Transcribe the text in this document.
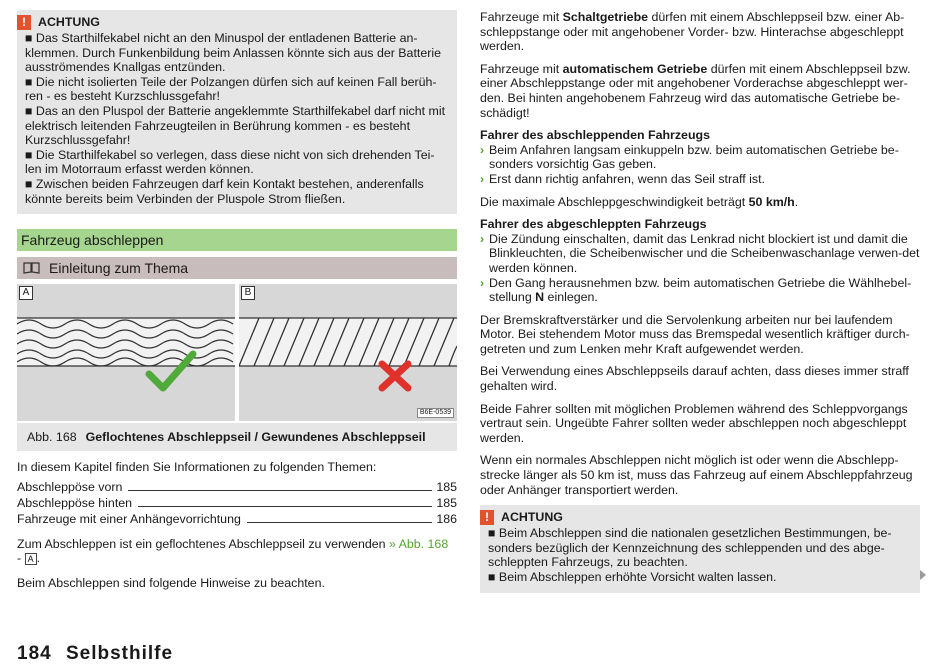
! ACHTUNG

■ Das Starthilfekabel nicht an den Minuspol der entladenen Batterie an-klemmen. Durch Funkenbildung beim Anlassen könnte sich aus der Batterie ausströmendes Knallgas entzünden.

■ Die nicht isolierten Teile der Polzangen dürfen sich auf keinen Fall berüh-ren - es besteht Kurzschlussgefahr!

■ Das an den Pluspol der Batterie angeklemmte Starthilfekabel darf nicht mit elektrisch leitenden Fahrzeugteilen in Berührung kommen - es besteht Kurzschlussgefahr!

■ Die Starthilfekabel so verlegen, dass diese nicht von sich drehenden Tei-len im Motorraum erfasst werden können.

■ Zwischen beiden Fahrzeugen darf kein Kontakt bestehen, anderenfalls könnte bereits beim Verbinden der Pluspole Strom fließen.

Fahrzeug abschleppen
Einleitung zum Thema
A	B
B6E-0539
Abb. 168 Geflochtenes Abschleppseil / Gewundenes Abschleppseil

In diesem Kapitel finden Sie Informationen zu folgenden Themen:

Abschleppöse vorn	185
Abschleppöse hinten	185
Fahrzeuge mit einer Anhängevorrichtung	186

Zum Abschleppen ist ein geflochtenes Abschleppseil zu verwenden » Abb. 168
- A .

Beim Abschleppen sind folgende Hinweise zu beachten.

Fahrzeuge mit Schaltgetriebe dürfen mit einem Abschleppseil bzw. einer Ab-schleppstange oder mit angehobener Vorder- bzw. Hinterachse abgeschleppt werden.

Fahrzeuge mit automatischem Getriebe dürfen mit einem Abschleppseil bzw. einer Abschleppstange oder mit angehobener Vorderachse abgeschleppt wer-den. Bei hinten angehobenem Fahrzeug wird das automatische Getriebe be-schädigt!

Fahrer des abschleppenden Fahrzeugs
› Beim Anfahren langsam einkuppeln bzw. beim automatischen Getriebe be-sonders vorsichtig Gas geben.
› Erst dann richtig anfahren, wenn das Seil straff ist.

Die maximale Abschleppgeschwindigkeit beträgt 50 km/h.

Fahrer des abgeschleppten Fahrzeugs
› Die Zündung einschalten, damit das Lenkrad nicht blockiert ist und damit die Blinkleuchten, die Scheibenwischer und die Scheibenwaschanlage verwen-det werden können.
› Den Gang herausnehmen bzw. beim automatischen Getriebe die Wählhebel-stellung N einlegen.

Der Bremskraftverstärker und die Servolenkung arbeiten nur bei laufendem Motor. Bei stehendem Motor muss das Bremspedal wesentlich kräftiger durch-getreten und zum Lenken mehr Kraft aufgewendet werden.

Bei Verwendung eines Abschleppseils darauf achten, dass dieses immer straff gehalten wird.

Beide Fahrer sollten mit möglichen Problemen während des Schleppvorgangs vertraut sein. Ungeübte Fahrer sollten weder abschleppen noch abgeschleppt werden.

Wenn ein normales Abschleppen nicht möglich ist oder wenn die Abschlepp-strecke länger als 50 km ist, muss das Fahrzeug auf einem Abschleppfahrzeug oder Anhänger transportiert werden.

! ACHTUNG

■ Beim Abschleppen sind die nationalen gesetzlichen Bestimmungen, be-sonders bezüglich der Kennzeichnung des schleppenden und des abge-schleppten Fahrzeugs, zu beachten.

■ Beim Abschleppen erhöhte Vorsicht walten lassen.

184 Selbsthilfe
